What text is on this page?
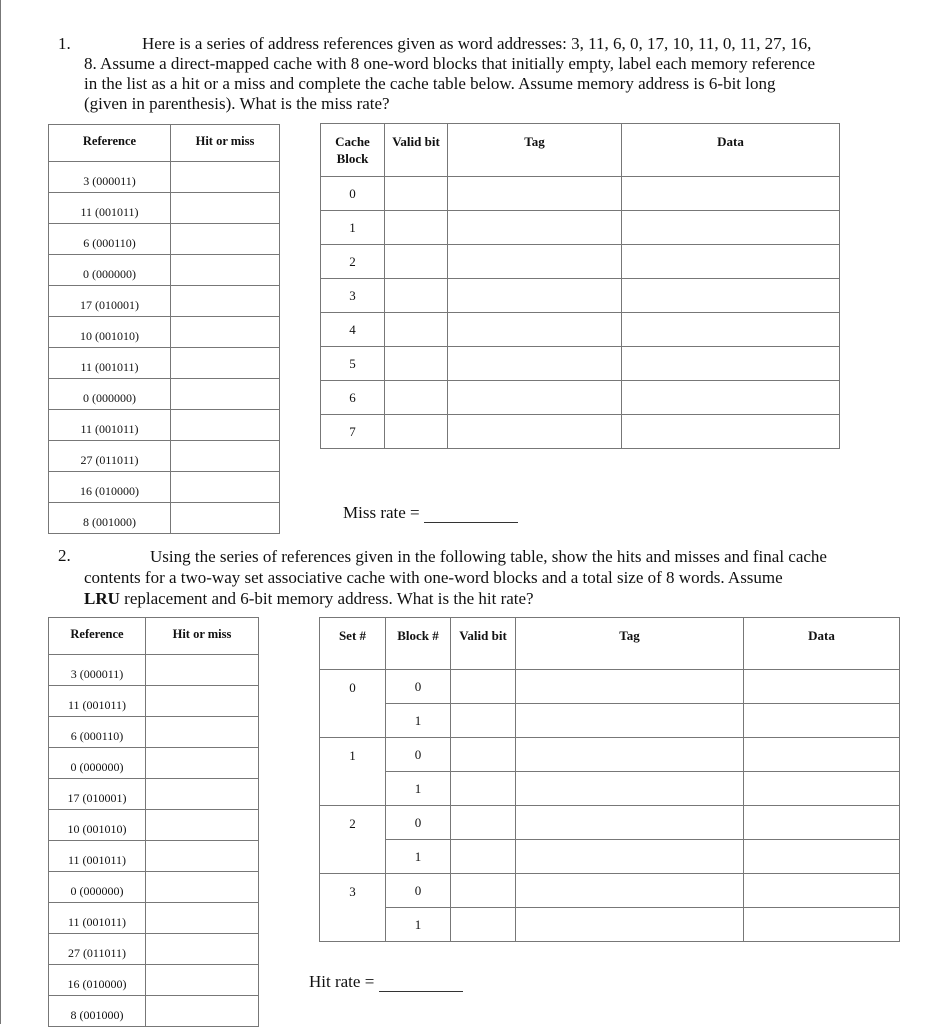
1.	Here is a series of address references given as word addresses: 3, 11, 6, 0, 17, 10, 11, 0, 11, 27, 16,

8. Assume a direct-mapped cache with 8 one-word blocks that initially empty, label each memory reference

in the list as a hit or a miss and complete the cache table below. Assume memory address is 6-bit long

(given in parenthesis). What is the miss rate?

Reference	Hit or miss
3 (000011)	
11 (001011)	
6 (000110)	
0 (000000)	
17 (010001)	
10 (001010)	
11 (001011)	
0 (000000)	
11 (001011)	
27 (011011)	
16 (010000)	
8 (001000)	
Cache Block	Valid bit	Tag	Data
0			
1			
2			
3			
4			
5			
6			
7			
Miss rate =
2.	Using the series of references given in the following table, show the hits and misses and final cache

contents for a two-way set associative cache with one-word blocks and a total size of 8 words. Assume

LRU replacement and 6-bit memory address. What is the hit rate?

Reference	Hit or miss
3 (000011)	
11 (001011)	
6 (000110)	
0 (000000)	
17 (010001)	
10 (001010)	
11 (001011)	
0 (000000)	
11 (001011)	
27 (011011)	
16 (010000)	
8 (001000)	
Set #	Block #	Valid bit	Tag	Data
0	0			
	1			
1	0			
	1			
2	0			
	1			
3	0			
	1			
Hit rate =
